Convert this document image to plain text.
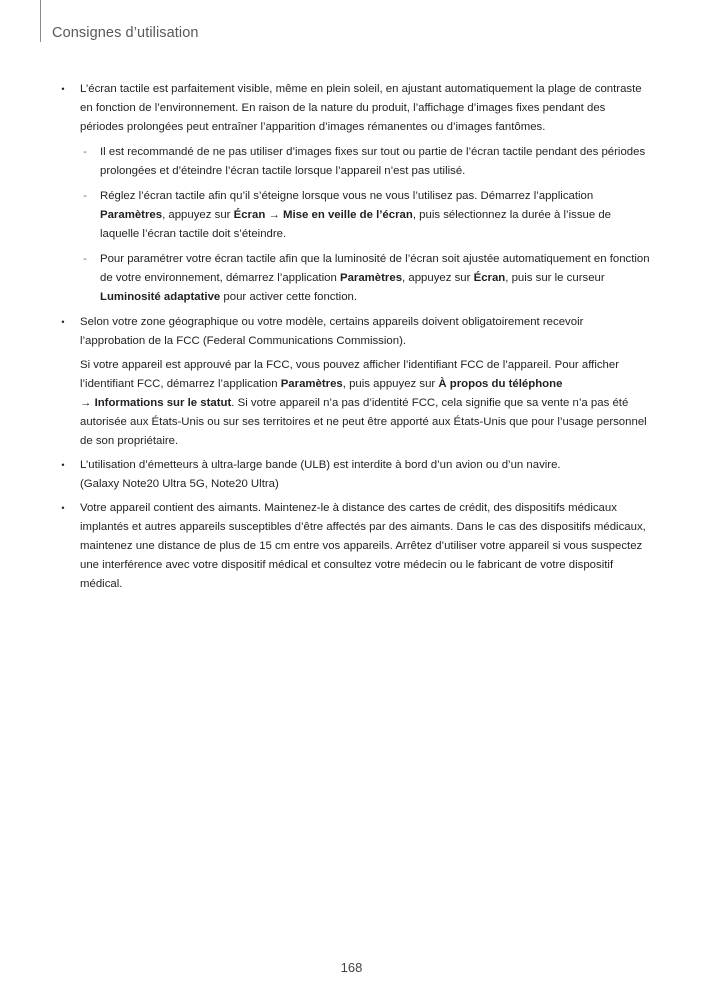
Consignes d’utilisation
•	L’écran tactile est parfaitement visible, même en plein soleil, en ajustant automatiquement la plage de contraste en fonction de l’environnement. En raison de la nature du produit, l’affichage d’images fixes pendant des périodes prolongées peut entraîner l’apparition d’images rémanentes ou d’images fantômes.
- Il est recommandé de ne pas utiliser d’images fixes sur tout ou partie de l’écran tactile pendant des périodes prolongées et d’éteindre l’écran tactile lorsque l’appareil n’est pas utilisé.
- Réglez l’écran tactile afin qu’il s’éteigne lorsque vous ne vous l’utilisez pas. Démarrez l’application Paramètres, appuyez sur Écran → Mise en veille de l’écran, puis sélectionnez la durée à l’issue de laquelle l’écran tactile doit s’éteindre.
- Pour paramétrer votre écran tactile afin que la luminosité de l’écran soit ajustée automatiquement en fonction de votre environnement, démarrez l’application Paramètres, appuyez sur Écran, puis sur le curseur Luminosité adaptative pour activer cette fonction.
•	Selon votre zone géographique ou votre modèle, certains appareils doivent obligatoirement recevoir l’approbation de la FCC (Federal Communications Commission).
Si votre appareil est approuvé par la FCC, vous pouvez afficher l’identifiant FCC de l’appareil. Pour afficher l’identifiant FCC, démarrez l’application Paramètres, puis appuyez sur À propos du téléphone
→ Informations sur le statut. Si votre appareil n’a pas d’identité FCC, cela signifie que sa vente n’a pas été autorisée aux États-Unis ou sur ses territoires et ne peut être apporté aux États-Unis que pour l’usage personnel de son propriétaire.
•	L’utilisation d’émetteurs à ultra-large bande (ULB) est interdite à bord d’un avion ou d’un navire.
(Galaxy Note20 Ultra 5G, Note20 Ultra)
•	Votre appareil contient des aimants. Maintenez-le à distance des cartes de crédit, des dispositifs médicaux implantés et autres appareils susceptibles d’être affectés par des aimants. Dans le cas des dispositifs médicaux, maintenez une distance de plus de 15 cm entre vos appareils. Arrêtez d’utiliser votre appareil si vous suspectez une interférence avec votre dispositif médical et consultez votre médecin ou le fabricant de votre dispositif médical.
168
